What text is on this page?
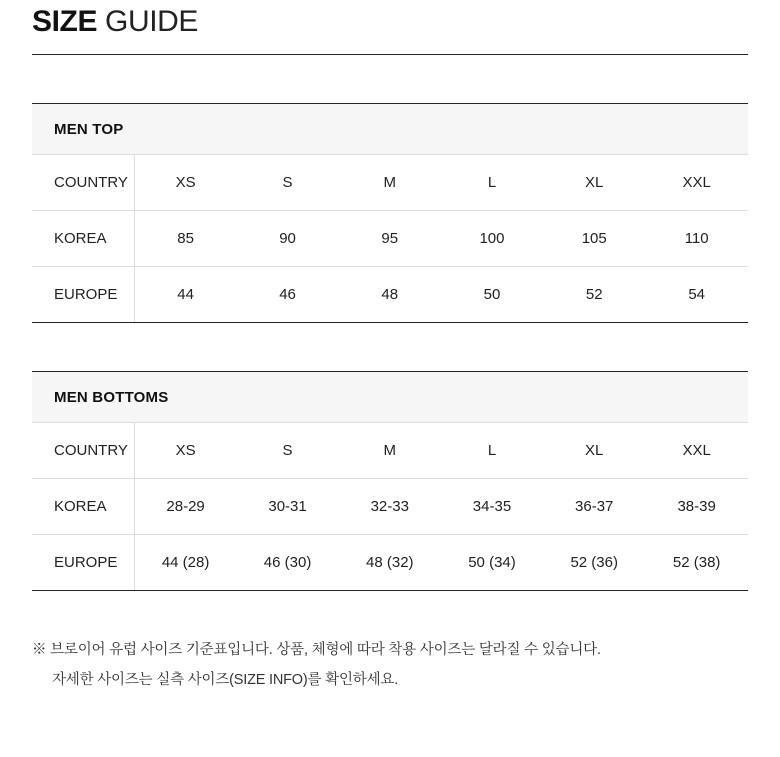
SIZE GUIDE
MEN TOP						
COUNTRY	XS	S	M	L	XL	XXL
KOREA	85	90	95	100	105	110
EUROPE	44	46	48	50	52	54
MEN BOTTOMS						
COUNTRY	XS	S	M	L	XL	XXL
KOREA	28-29	30-31	32-33	34-35	36-37	38-39
EUROPE	44 (28)	46 (30)	48 (32)	50 (34)	52 (36)	52 (38)
※ 브로이어 유럽 사이즈 기준표입니다. 상품, 체형에 따라 착용 사이즈는 달라질 수 있습니다.
자세한 사이즈는 실측 사이즈(SIZE INFO)를 확인하세요.
